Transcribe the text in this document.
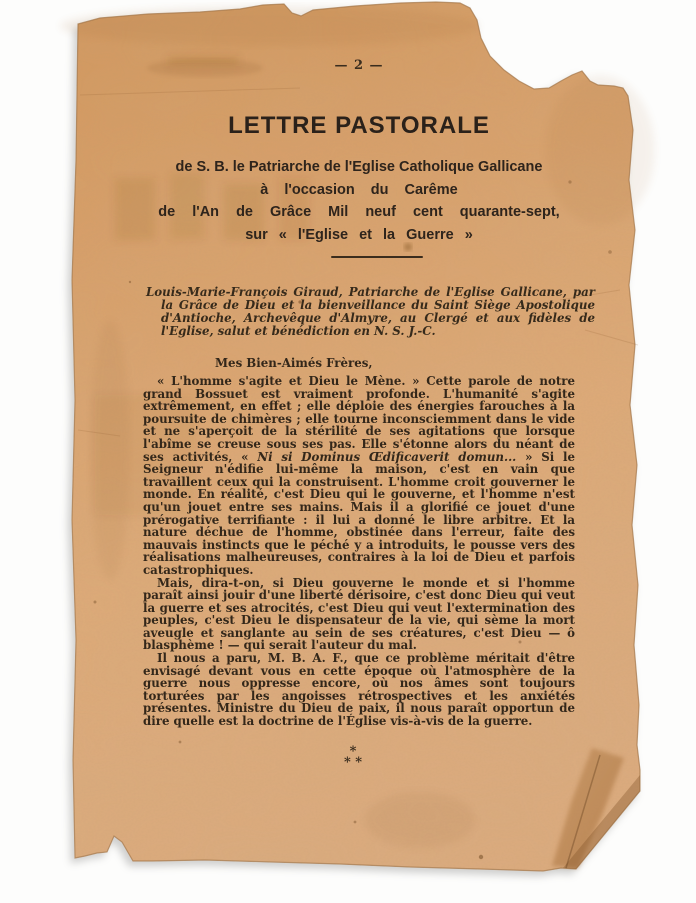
— 2 —
LETTRE PASTORALE
de S. B. le Patriarche de l'Eglise Catholique Gallicane
à l'occasion du Carême
de l'An de Grâce Mil neuf cent quarante-sept,
sur « l'Eglise et la Guerre »
Louis-Marie-François Giraud, Patriarche de l'Eglise Gallicane, par la Grâce de Dieu et la bienveillance du Saint Siège Apostolique d'Antioche, Archevêque d'Almyre, au Clergé et aux fidèles de l'Eglise, salut et bénédiction en N. S. J.-C.
Mes Bien-Aimés Frères,

« L'homme s'agite et Dieu le Mène. » Cette parole de notre grand Bossuet est vraiment profonde. L'humanité s'agite extrêmement, en effet ; elle déploie des énergies farouches à la poursuite de chimères ; elle tourne inconsciemment dans le vide et ne s'aperçoit de la stérilité de ses agitations que lorsque l'abîme se creuse sous ses pas. Elle s'étonne alors du néant de ses activités, « Ni si Dominus Œdificaverit domun... » Si le Seigneur n'édifie lui-même la maison, c'est en vain que travaillent ceux qui la construisent. L'homme croit gouverner le monde. En réalité, c'est Dieu qui le gouverne, et l'homme n'est qu'un jouet entre ses mains. Mais il a glorifié ce jouet d'une prérogative terrifiante : il lui a donné le libre arbitre. Et la nature déchue de l'homme, obstinée dans l'erreur, faite des mauvais instincts que le péché y a introduits, le pousse vers des réalisations malheureuses, contraires à la loi de Dieu et parfois catastrophiques.

Mais, dira-t-on, si Dieu gouverne le monde et si l'homme paraît ainsi jouir d'une liberté dérisoire, c'est donc Dieu qui veut la guerre et ses atrocités, c'est Dieu qui veut l'extermination des peuples, c'est Dieu le dispensateur de la vie, qui sème la mort aveugle et sanglante au sein de ses créatures, c'est Dieu — ô blasphème ! — qui serait l'auteur du mal.

Il nous a paru, M. B. A. F., que ce problème méritait d'être envisagé devant vous en cette époque où l'atmosphère de la guerre nous oppresse encore, où nos âmes sont toujours torturées par les angoisses rétrospectives et les anxiétés présentes. Ministre du Dieu de paix, il nous paraît opportun de dire quelle est la doctrine de l'Église vis-à-vis de la guerre.

*
* *
